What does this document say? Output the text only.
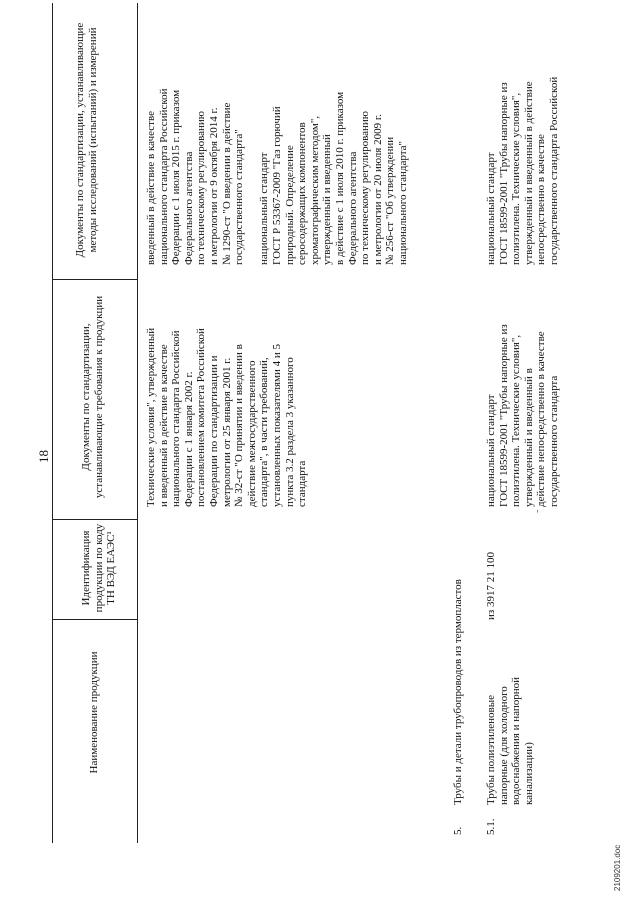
18
Наименование продукции
Идентификация продукции по коду ТН ВЭД ЕАЭС¹
Документы по стандартизации, устанавливающие требования к продукции
Документы по стандартизации, устанавливающие методы исследований (испытаний) и измерений
Технические условия", утвержденный
и введенный в действие в качестве
национального стандарта Российской
Федерации с 1 января 2002 г.
постановлением комитета Российской
Федерации по стандартизации и
метрологии от 25 января 2001 г.
№ 32-ст "О принятии и введении в
действие межгосударственного
стандарта", в части требований,
установленных показателями 4 и 5
пункта 3.2 раздела 3 указанного
стандарта
введенный в действие в качестве
национального стандарта Российской
Федерации с 1 июля 2015 г. приказом
Федерального агентства
по техническому регулированию
и метрологии от 9 октября 2014 г.
№ 1290-ст "О введении в действие
государственного стандарта"

национальный стандарт
ГОСТ Р 53367-2009 "Газ горючий
природный. Определение
серосодержащих компонентов
хроматографическим методом",
утвержденный и введенный
в действие с 1 июля 2010 г. приказом
Федерального агентства
по техническому регулированию
и метрологии от 20 июля 2009 г.
№ 256-ст "Об утверждении
национального стандарта"
5.
Трубы и детали трубопроводов из термопластов
5.1.
Трубы полиэтиленовые
напорные (для холодного
водоснабжения и напорной
канализации)
из 3917 21 100
-
национальный стандарт
ГОСТ 18599-2001 "Трубы напорные из
полиэтилена. Технические условия",
утвержденный и введенный в
действие непосредственно в качестве
государственного стандарта
национальный стандарт
ГОСТ 18599-2001 "Трубы напорные из
полиэтилена. Технические условия",
утвержденный и введенный в действие
непосредственно в качестве
государственного стандарта Российской
2109201.doc
